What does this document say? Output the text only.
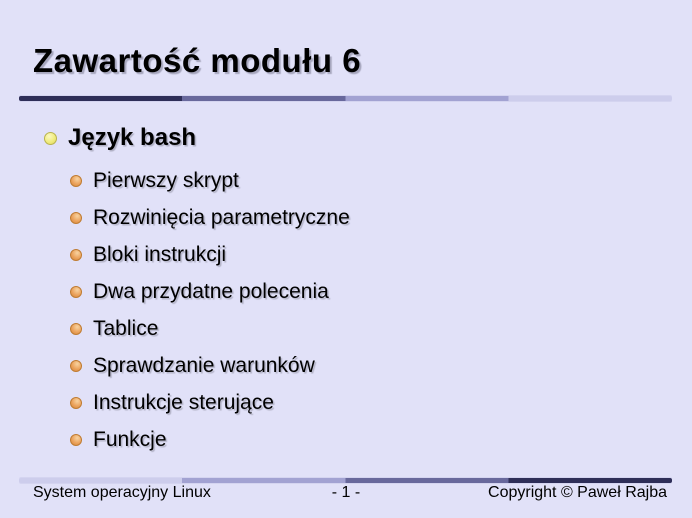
Zawartość modułu 6
Język bash
Pierwszy skrypt
Rozwinięcia parametryczne
Bloki instrukcji
Dwa przydatne polecenia
Tablice
Sprawdzanie warunków
Instrukcje sterujące
Funkcje
System operacyjny Linux	- 1 -	Copyright © Paweł Rajba
